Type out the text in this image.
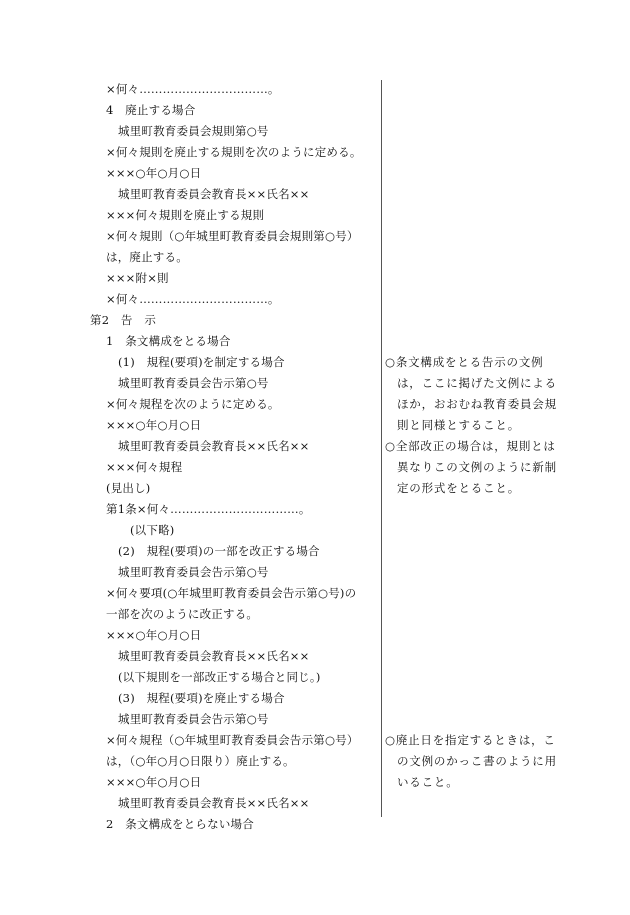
×何々……………………………。
4　廃止する場合
城里町教育委員会規則第○号
×何々規則を廃止する規則を次のように定める。
×××○年○月○日
城里町教育委員会教育長××氏名××
×××何々規則を廃止する規則
×何々規則（○年城里町教育委員会規則第○号）
は，廃止する。
×××附×則
×何々……………………………。
第2　告　示
1　条文構成をとる場合
(1)　規程(要項)を制定する場合
城里町教育委員会告示第○号
×何々規程を次のように定める。
×××○年○月○日
城里町教育委員会教育長××氏名××
×××何々規程
(見出し)
第1条×何々……………………………。
(以下略)
(2)　規程(要項)の一部を改正する場合
城里町教育委員会告示第○号
×何々要項(○年城里町教育委員会告示第○号)の
一部を次のように改正する。
×××○年○月○日
城里町教育委員会教育長××氏名××
(以下規則を一部改正する場合と同じ。)
(3)　規程(要項)を廃止する場合
城里町教育委員会告示第○号
×何々規程（○年城里町教育委員会告示第○号）
は，（○年○月○日限り）廃止する。
×××○年○月○日
城里町教育委員会教育長××氏名××
2　条文構成をとらない場合
○条文構成をとる告示の文例
は，ここに掲げた文例による
ほか，おおむね教育委員会規
則と同様とすること。
○全部改正の場合は，規則とは
異なりこの文例のように新制
定の形式をとること。
○廃止日を指定するときは，こ
の文例のかっこ書のように用
いること。
